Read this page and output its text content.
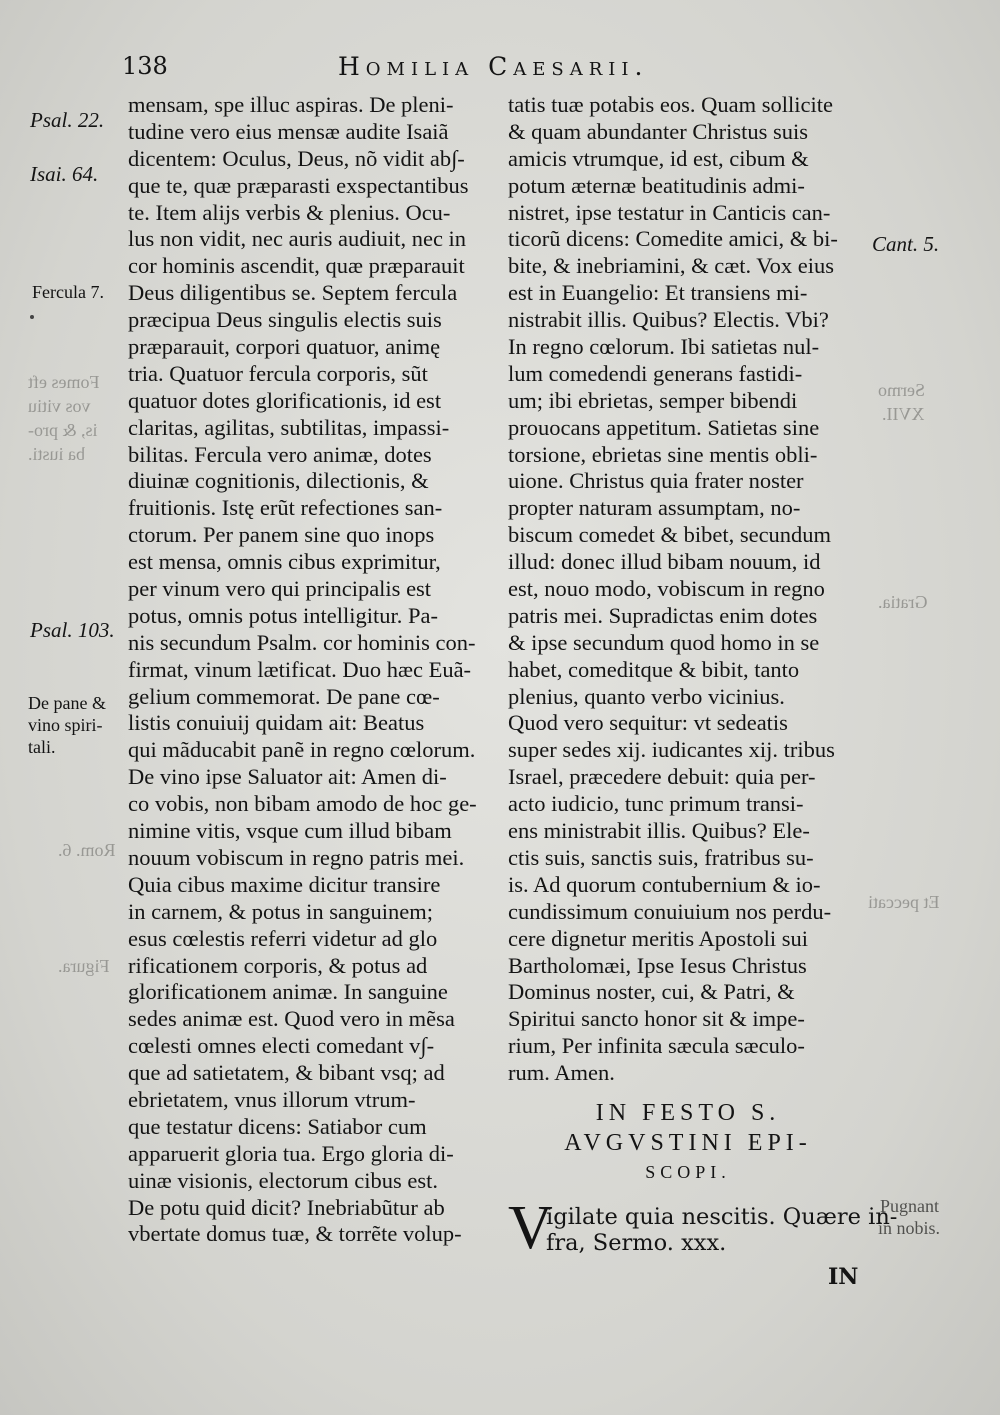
138	Homilia Caesarii.
Fomes eft
vos vitiu
is, & pro-
ba iusti.
Rom. 6.
Figura.
Sermo
XVII.
Gratia.
Et peccati
Pugnant
in nobis.
Psal. 22.
Isai. 64.
Fercula 7.
Psal. 103.
De pane &
vino spiri-
tali.
Cant. 5.
mensam, spe illuc aspiras. De pleni-
tudine vero eius mensæ audite Isaiã
dicentem: Oculus, Deus, nõ vidit ab∫-
que te, quæ præparasti exspectantibus
te. Item alijs verbis & plenius. Ocu-
lus non vidit, nec auris audiuit, nec in
cor hominis ascendit, quæ præparauit
Deus diligentibus se. Septem fercula
præcipua Deus singulis electis suis
præparauit, corpori quatuor, animę
tria. Quatuor fercula corporis, sũt
quatuor dotes glorificationis, id est
claritas, agilitas, subtilitas, impassi-
bilitas. Fercula vero animæ, dotes
diuinæ cognitionis, dilectionis, &
fruitionis. Istę erũt refectiones san-
ctorum. Per panem sine quo inops
est mensa, omnis cibus exprimitur,
per vinum vero qui principalis est
potus, omnis potus intelligitur. Pa-
nis secundum Psalm. cor hominis con-
firmat, vinum lætificat. Duo hæc Euã-
gelium commemorat. De pane cœ-
listis conuiuij quidam ait: Beatus
qui mãducabit panẽ in regno cœlorum.
De vino ipse Saluator ait: Amen di-
co vobis, non bibam amodo de hoc ge-
nimine vitis, vsque cum illud bibam
nouum vobiscum in regno patris mei.
Quia cibus maxime dicitur transire
in carnem, & potus in sanguinem;
esus cœlestis referri videtur ad glo
rificationem corporis, & potus ad
glorificationem animæ. In sanguine
sedes animæ est. Quod vero in mẽsa
cœlesti omnes electi comedant v∫-
que ad satietatem, & bibant vsq; ad
ebrietatem, vnus illorum vtrum-
que testatur dicens: Satiabor cum
apparuerit gloria tua. Ergo gloria di-
uinæ visionis, electorum cibus est.
De potu quid dicit? Inebriabũtur ab
vbertate domus tuæ, & torrẽte volup-
tatis tuæ potabis eos. Quam sollicite
& quam abundanter Christus suis
amicis vtrumque, id est, cibum &
potum æternæ beatitudinis admi-
nistret, ipse testatur in Canticis can-
ticorũ dicens: Comedite amici, & bi-
bite, & inebriamini, & cæt. Vox eius
est in Euangelio: Et transiens mi-
nistrabit illis. Quibus? Electis. Vbi?
In regno cœlorum. Ibi satietas nul-
lum comedendi generans fastidi-
um; ibi ebrietas, semper bibendi
prouocans appetitum. Satietas sine
torsione, ebrietas sine mentis obli-
uione. Christus quia frater noster
propter naturam assumptam, no-
biscum comedet & bibet, secundum
illud: donec illud bibam nouum, id
est, nouo modo, vobiscum in regno
patris mei. Supradictas enim dotes
& ipse secundum quod homo in se
habet, comeditque & bibit, tanto
plenius, quanto verbo vicinius.
Quod vero sequitur: vt sedeatis
super sedes xij. iudicantes xij. tribus
Israel, præcedere debuit: quia per-
acto iudicio, tunc primum transi-
ens ministrabit illis. Quibus? Ele-
ctis suis, sanctis suis, fratribus su-
is. Ad quorum contubernium & io-
cundissimum conuiuium nos perdu-
cere dignetur meritis Apostoli sui
Bartholomæi, Ipse Iesus Christus
Dominus noster, cui, & Patri, &
Spiritui sancto honor sit & impe-
rium, Per infinita sæcula sæculo-
rum. Amen.
IN FESTO S.
AVGVSTINI EPI-
SCOPI.
V
igilate quia nescitis. Quære in-
fra, Sermo. xxx.
IN
